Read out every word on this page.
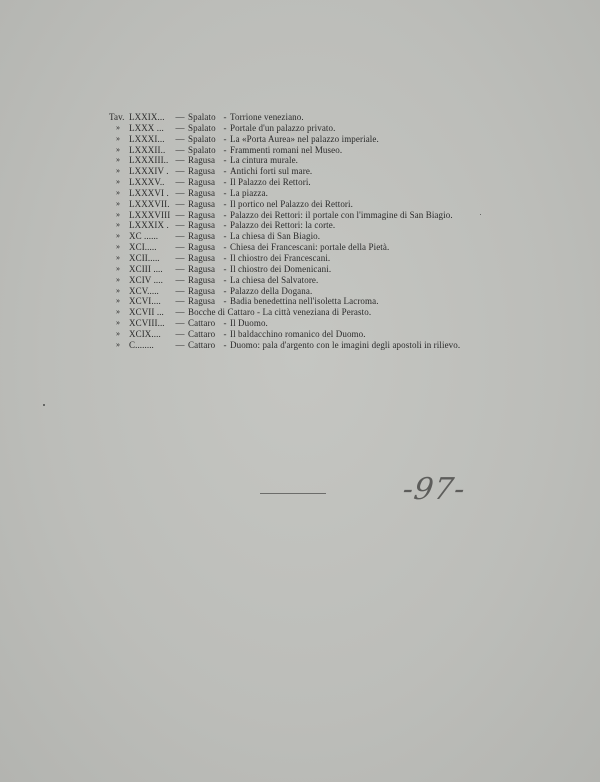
Tav. LXXIX...	— Spalato - Torrione veneziano.
» LXXX ...	— Spalato - Portale d'un palazzo privato.
» LXXXI...	— Spalato - La «Porta Aurea» nel palazzo imperiale.
» LXXXII..	— Spalato - Frammenti romani nel Museo.
» LXXXIII.. — Ragusa - La cintura murale.
» LXXXIV . — Ragusa - Antichi forti sul mare.
» LXXXV..	— Ragusa - Il Palazzo dei Rettori.
» LXXXVI . — Ragusa - La piazza.
» LXXXVII. — Ragusa - Il portico nel Palazzo dei Rettori.
» LXXXVIII — Ragusa - Palazzo dei Rettori: il portale con l'immagine di San Biagio.
» LXXXIX . — Ragusa - Palazzo dei Rettori: la corte.
» XC ......	— Ragusa - La chiesa di San Biagio.
» XCI.....	— Ragusa - Chiesa dei Francescani: portale della Pietà.
» XCII.....	— Ragusa - Il chiostro dei Francescani.
» XCIII ....	— Ragusa - Il chiostro dei Domenicani.
» XCIV ....	— Ragusa - La chiesa del Salvatore.
» XCV.....	— Ragusa - Palazzo della Dogana.
» XCVI....	— Ragusa - Badia benedettina nell'isoletta Lacroma.
» XCVII ...	— Bocche di Cattaro - La città veneziana di Perasto.
» XCVIII...	— Cattaro - Il Duomo.
» XCIX....	— Cattaro - Il baldacchino romanico del Duomo.
» C........	— Cattaro - Duomo: pala d'argento con le imagini degli apostoli in rilievo.
-97-
